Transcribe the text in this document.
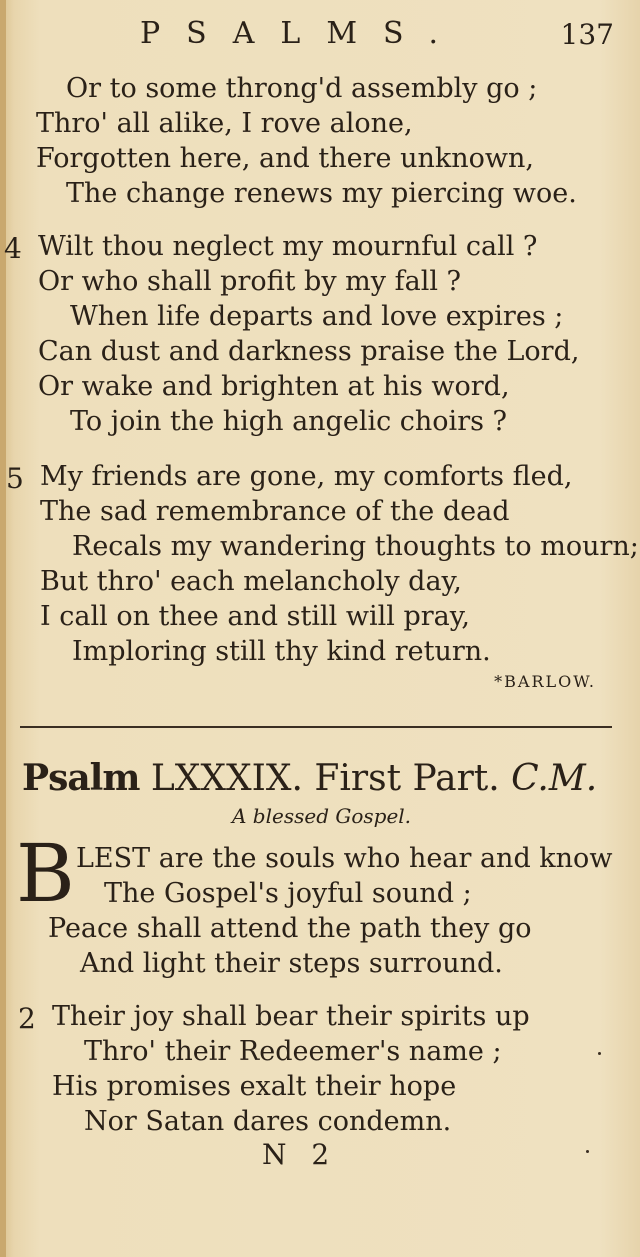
PSALMS.	137
Or to some throng'd assembly go ;
Thro' all alike, I rove alone,
Forgotten here, and there unknown,
The change renews my piercing woe.
4 Wilt thou neglect my mournful call ?
Or who shall profit by my fall ?
When life departs and love expires ;
Can dust and darkness praise the Lord,
Or wake and brighten at his word,
To join the high angelic choirs ?
5 My friends are gone, my comforts fled,
The sad remembrance of the dead
Recals my wandering thoughts to mourn;
But thro' each melancholy day,
I call on thee and still will pray,
Imploring still thy kind return.
*BARLOW.
Psalm LXXXIX. First Part. C.M.
A blessed Gospel.
B LEST are the souls who hear and know
The Gospel's joyful sound ;
Peace shall attend the path they go
And light their steps surround.
2 Their joy shall bear their spirits up
Thro' their Redeemer's name ;
His promises exalt their hope
Nor Satan dares condemn.
N 2
